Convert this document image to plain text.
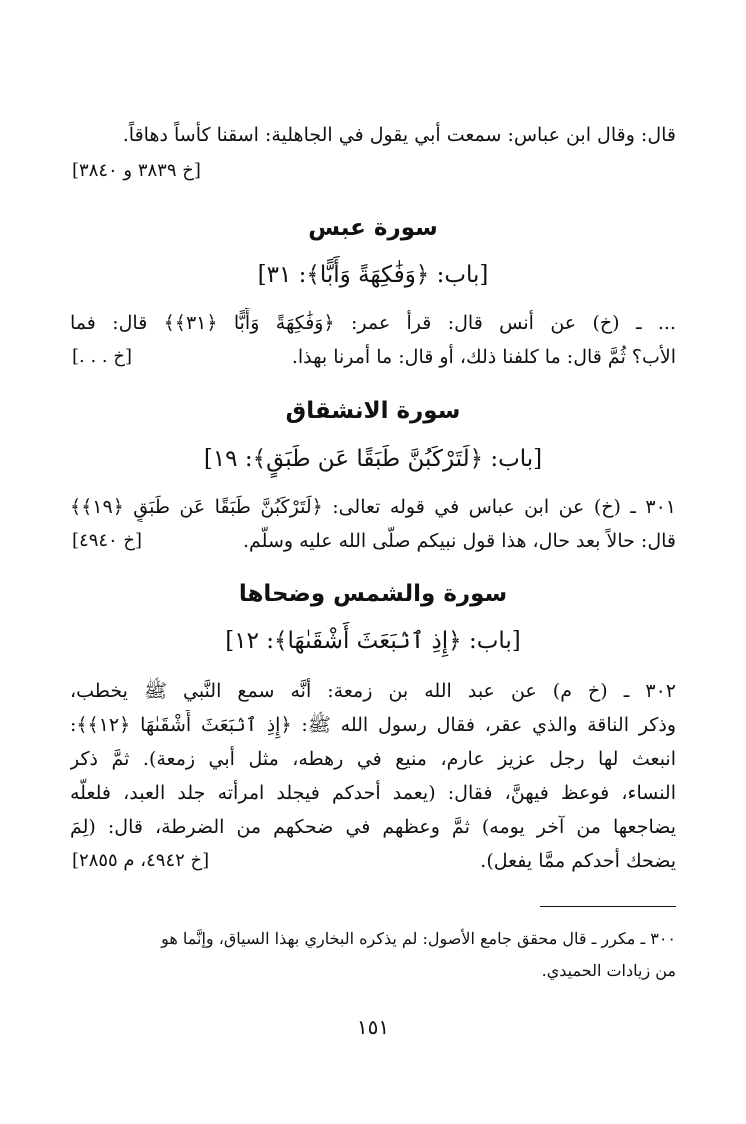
قال: وقال ابن عباس: سمعت أبي يقول في الجاهلية: اسقنا كأساً دهاقاً.
[خ ٣٨٣٩ و ٣٨٤٠]
سورة عبس
[باب: ﴿وَفَٰكِهَةً وَأَبًّا﴾: ٣١]
... ـ (خ) عن أنس قال: قرأ عمر: ﴿وَفَٰكِهَةً وَأَبًّا ﴿٣١﴾﴾ قال: فما
الأب؟ ثُمَّ قال: ما كلفنا ذلك، أو قال: ما أمرنا بهذا.
[خ . . .]
سورة الانشقاق
[باب: ﴿لَتَرْكَبُنَّ طَبَقًا عَن طَبَقٍ﴾: ١٩]
٣٠١ ـ (خ) عن ابن عباس في قوله تعالى: ﴿لَتَرْكَبُنَّ طَبَقًا عَن طَبَقٍ ﴿١٩﴾﴾
قال: حالاً بعد حال، هذا قول نبيكم صلَّى الله عليه وسلَّم.
[خ ٤٩٤٠]
سورة والشمس وضحاها
[باب: ﴿إِذِ ٱنۢبَعَثَ أَشْقَىٰهَا﴾: ١٢]
٣٠٢ ـ (خ م) عن عبد الله بن زمعة: أنَّه سمع النَّبي ﷺ يخطب،
وذكر الناقة والذي عقر، فقال رسول الله ﷺ: ﴿إِذِ ٱنۢبَعَثَ أَشْقَىٰهَا ﴿١٢﴾﴾:
انبعث لها رجل عزيز عارم، منيع في رهطه، مثل أبي زمعة). ثمَّ ذكر
النساء، فوعظ فيهنَّ، فقال: (يعمد أحدكم فيجلد امرأته جلد العبد، فلعلَّه
يضاجعها من آخر يومه) ثمَّ وعظهم في ضحكهم من الضرطة، قال: (لِمَ
يضحك أحدكم ممَّا يفعل).
[خ ٤٩٤٢، م ٢٨٥٥]
٣٠٠ ـ مكرر ـ قال محقق جامع الأصول: لم يذكره البخاري بهذا السياق، وإنَّما هو
من زيادات الحميدي.
١٥١
